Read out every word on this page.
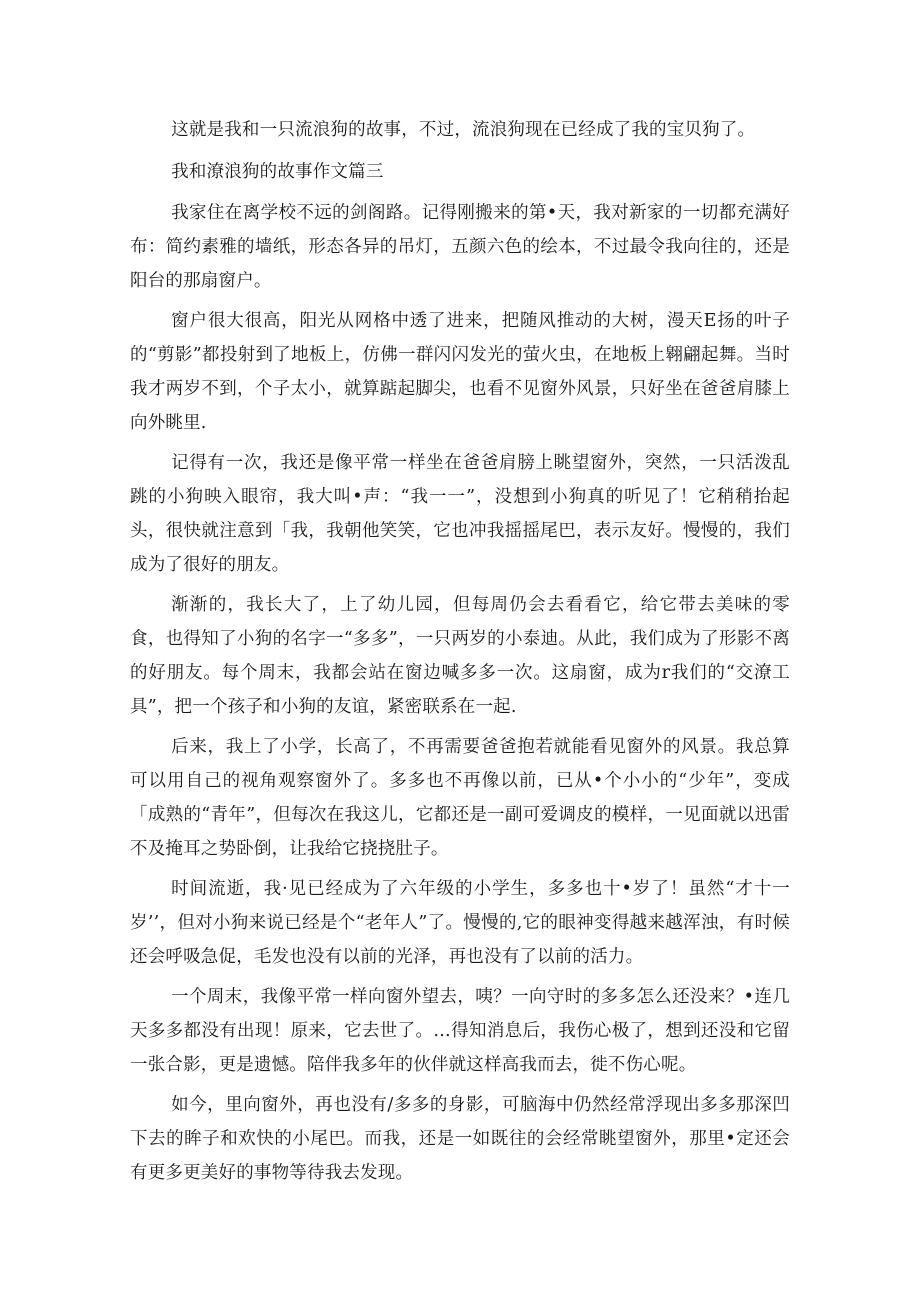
这就是我和一只流浪狗的故事，不过，流浪狗现在已经成了我的宝贝狗了。

我和潦浪狗的故事作文篇三

我家住在离学校不远的剑阁路。记得刚搬来的第•天，我对新家的一切都充满好布：简约素雅的墙纸，形态各异的吊灯，五颜六色的绘本，不过最令我向往的，还是阳台的那扇窗户。

窗户很大很高，阳光从网格中透了进来，把随风推动的大树，漫天E扬的叶子的“剪影”都投射到了地板上，仿佛一群闪闪发光的萤火虫，在地板上翱翩起舞。当时我才两岁不到，个子太小，就算踮起脚尖，也看不见窗外风景，只好坐在爸爸肩膝上向外眺里.

记得有一次，我还是像平常一样坐在爸爸肩膀上眺望窗外，突然，一只活泼乱跳的小狗映入眼帘，我大叫•声：“我一一”，没想到小狗真的听见了！它稍稍抬起头，很快就注意到「我，我朝他笑笑，它也冲我摇摇尾巴，表示友好。慢慢的，我们成为了很好的朋友。

渐渐的，我长大了，上了幼儿园，但每周仍会去看看它，给它带去美味的零食，也得知了小狗的名字一“多多”，一只两岁的小泰迪。从此，我们成为了形影不离的好朋友。每个周末，我都会站在窗边喊多多一次。这扇窗，成为r我们的“交潦工具”，把一个孩子和小狗的友谊，紧密联系在一起.

后来，我上了小学，长高了，不再需要爸爸抱若就能看见窗外的风景。我总算可以用自己的视角观察窗外了。多多也不再像以前，已从•个小小的“少年”，变成「成熟的“青年”，但每次在我这儿，它都还是一副可爱调皮的模样，一见面就以迅雷不及掩耳之势卧倒，让我给它挠挠肚子。

时间流逝，我·见已经成为了六年级的小学生，多多也十•岁了！虽然“才十一岁’’，但对小狗来说已经是个“老年人”了。慢慢的,它的眼神变得越来越浑浊，有时候还会呼吸急促，毛发也没有以前的光泽，再也没有了以前的活力。

一个周末，我像平常一样向窗外望去，咦？一向守时的多多怎么还没来？•连几天多多都没有出现！原来，它去世了。…得知消息后，我伤心极了，想到还没和它留一张合影，更是遗憾。陪伴我多年的伙伴就这样高我而去，徙不伤心呢。

如今，里向窗外，再也没有/多多的身影，可脑海中仍然经常浮现出多多那深凹下去的眸子和欢快的小尾巴。而我，还是一如既往的会经常眺望窗外，那里•定还会有更多更美好的事物等待我去发现。
